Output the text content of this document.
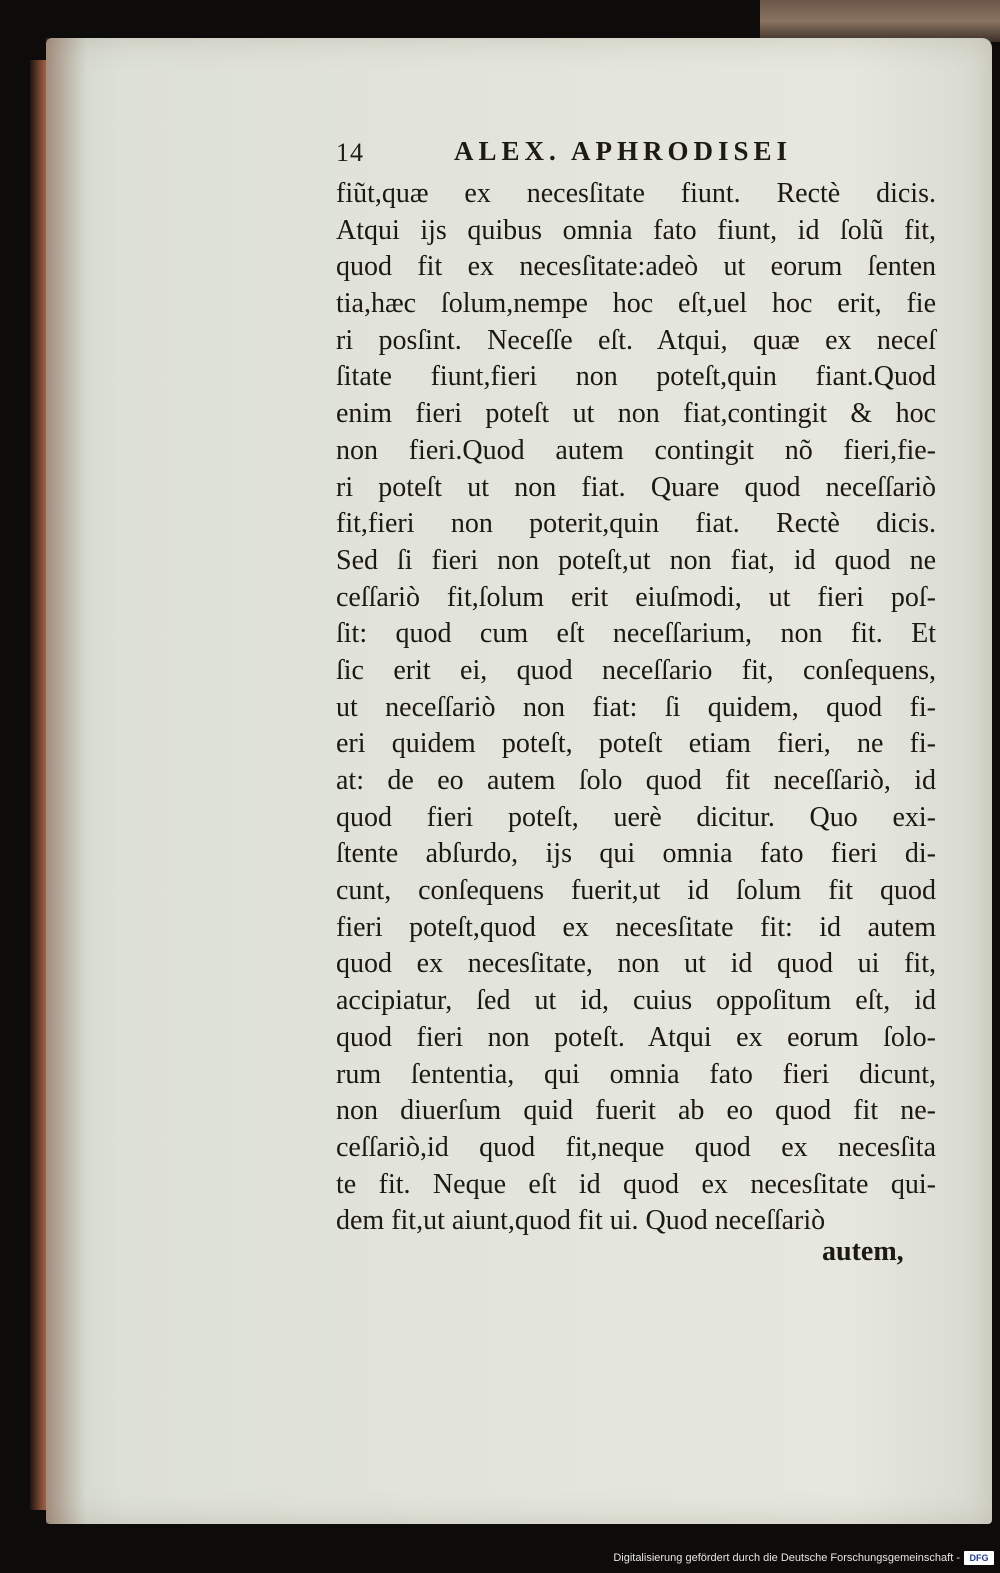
14	ALEX. APHRODISEI
fiũt,quæ ex necesſitate fiunt. Rectè dicis.
Atqui ijs quibus omnia fato fiunt, id ſolũ fit,
quod fit ex necesſitate:adeò ut eorum ſenten
tia,hæc ſolum,nempe hoc eſt,uel hoc erit, fie
ri posſint. Neceſſe eſt. Atqui, quæ ex neceſ
ſitate fiunt,fieri non poteſt,quin fiant.Quod
enim fieri poteſt ut non fiat,contingit & hoc
non fieri.Quod autem contingit nõ fieri,fie-
ri poteſt ut non fiat. Quare quod neceſſariò
fit,fieri non poterit,quin fiat. Rectè dicis.
Sed ſi fieri non poteſt,ut non fiat, id quod ne
ceſſariò fit,ſolum erit eiuſmodi, ut fieri poſ-
ſit: quod cum eſt neceſſarium, non fit. Et
ſic erit ei, quod neceſſario fit, conſequens,
ut neceſſariò non fiat: ſi quidem, quod fi-
eri quidem poteſt, poteſt etiam fieri, ne fi-
at: de eo autem ſolo quod fit neceſſariò, id
quod fieri poteſt, uerè dicitur. Quo exi-
ſtente abſurdo, ijs qui omnia fato fieri di-
cunt, conſequens fuerit,ut id ſolum fit quod
fieri poteſt,quod ex necesſitate fit: id autem
quod ex necesſitate, non ut id quod ui fit,
accipiatur, ſed ut id, cuius oppoſitum eſt, id
quod fieri non poteſt. Atqui ex eorum ſolo-
rum ſententia, qui omnia fato fieri dicunt,
non diuerſum quid fuerit ab eo quod fit ne-
ceſſariò,id quod fit,neque quod ex necesſita
te fit. Neque eſt id quod ex necesſitate qui-
dem fit,ut aiunt,quod fit ui. Quod neceſſariò
autem,
Digitalisierung gefördert durch die Deutsche Forschungsgemeinschaft -	DFG
